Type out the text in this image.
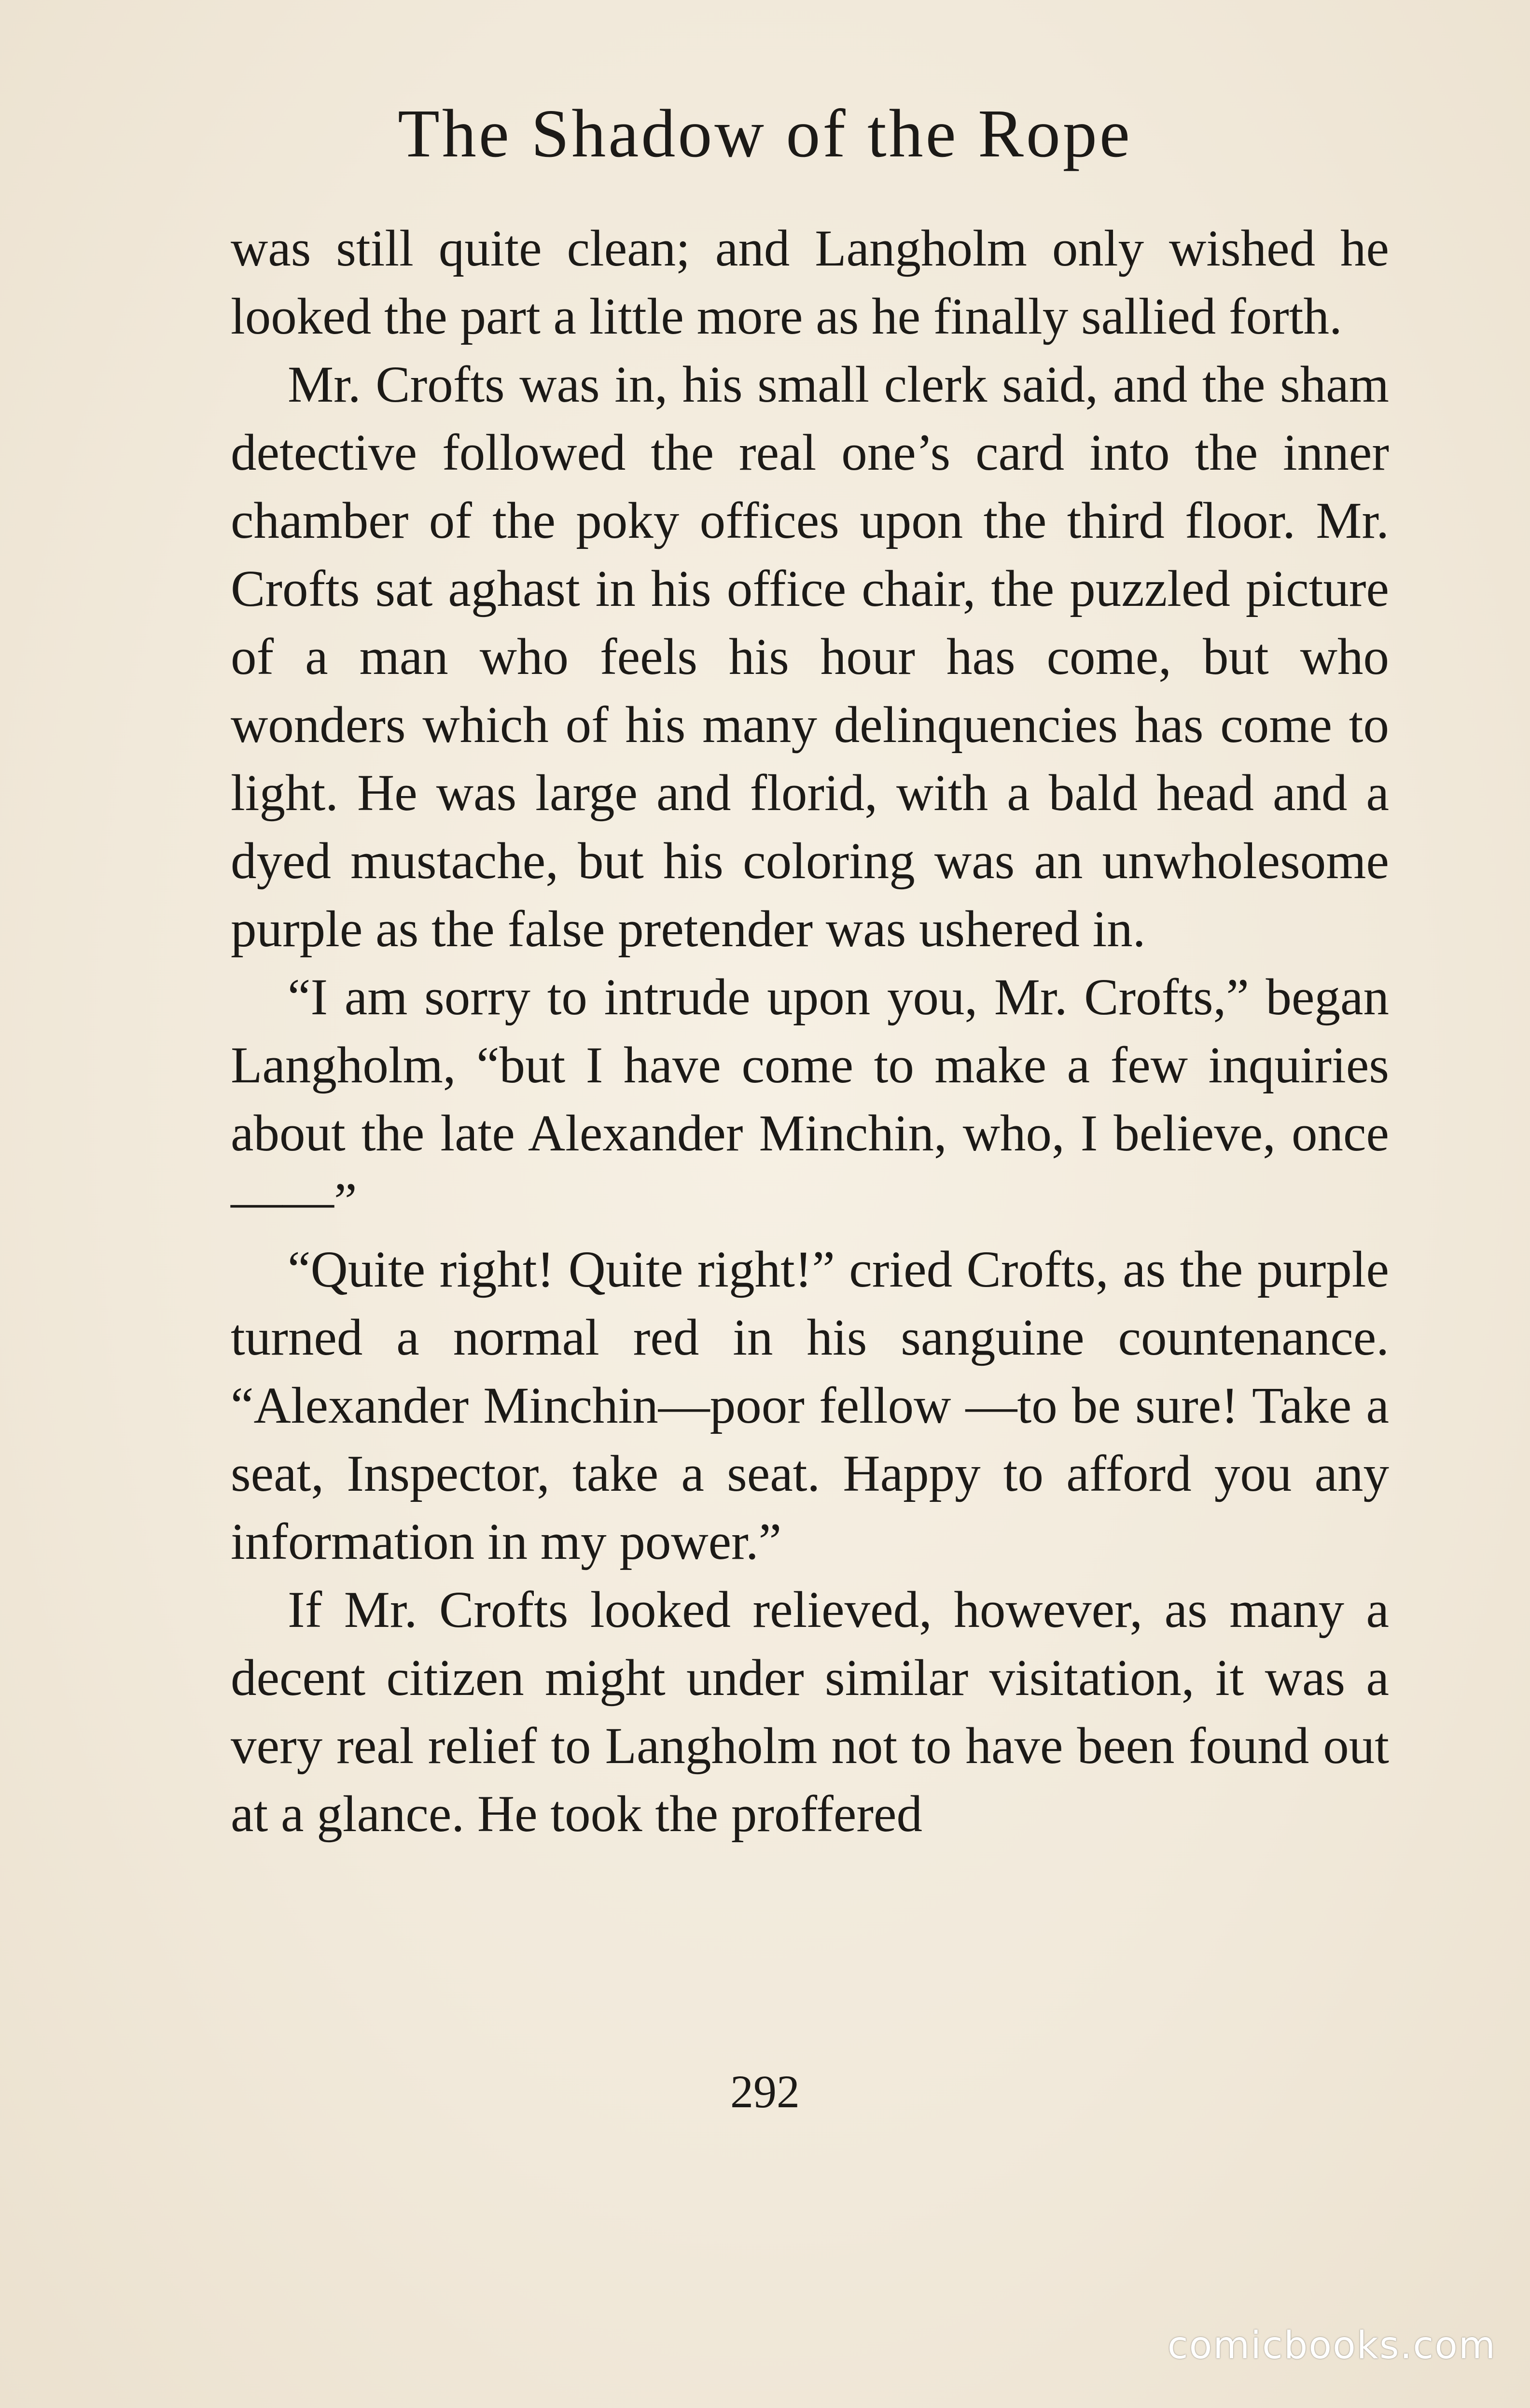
The Shadow of the Rope

was still quite clean; and Langholm only wished he looked the part a little more as he finally sallied forth.

Mr. Crofts was in, his small clerk said, and the sham detective followed the real one’s card into the inner chamber of the poky offices upon the third floor. Mr. Crofts sat aghast in his office chair, the puzzled picture of a man who feels his hour has come, but who wonders which of his many delinquencies has come to light. He was large and florid, with a bald head and a dyed mustache, but his coloring was an unwholesome purple as the false pretender was ushered in.

“I am sorry to intrude upon you, Mr. Crofts,” began Langholm, “but I have come to make a few inquiries about the late Alexander Minchin, who, I believe, once——”

“Quite right! Quite right!” cried Crofts, as the purple turned a normal red in his sanguine countenance. “Alexander Minchin—poor fellow —to be sure! Take a seat, Inspector, take a seat. Happy to afford you any information in my power.”

If Mr. Crofts looked relieved, however, as many a decent citizen might under similar visitation, it was a very real relief to Langholm not to have been found out at a glance. He took the proffered

292
comicbooks.com
